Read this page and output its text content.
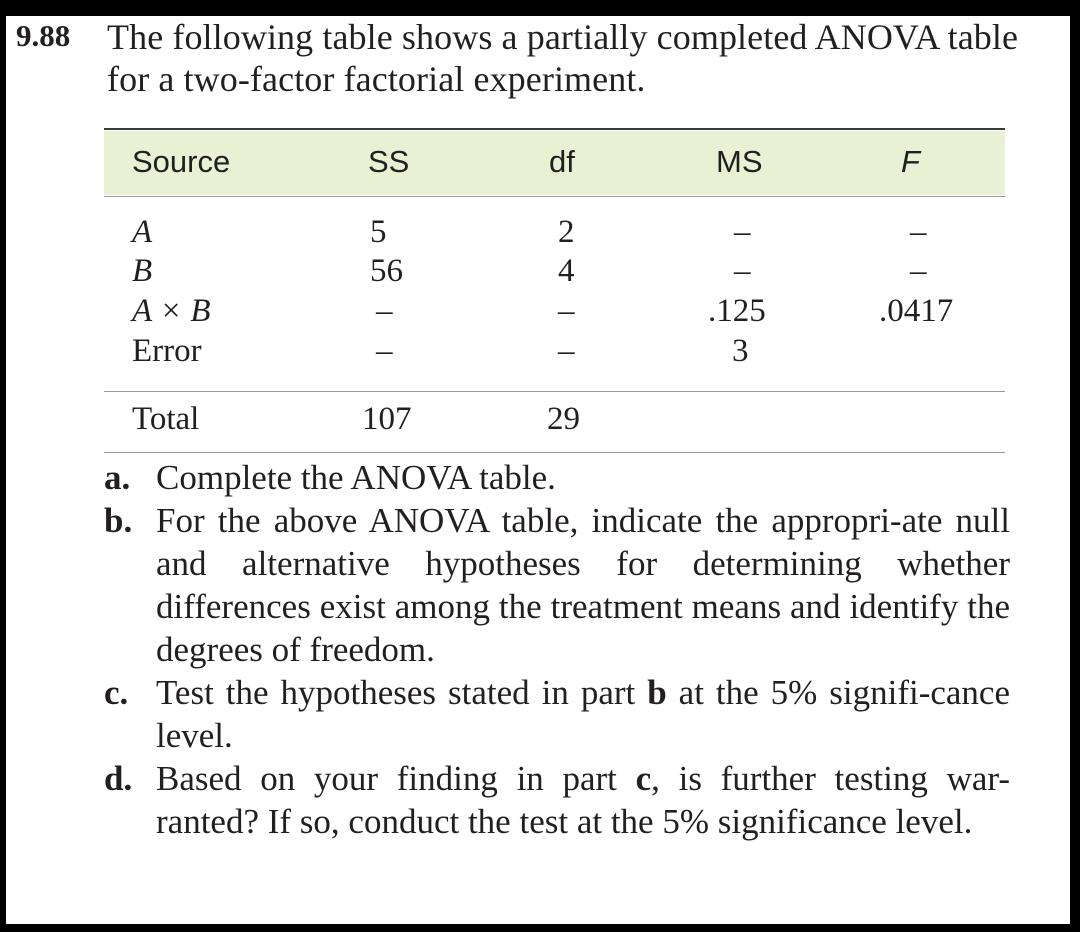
9.88 The following table shows a partially completed ANOVA table for a two-factor factorial experiment.
Source	SS	df	MS	F
A	5	2	–	–
B	56	4	–	–
A × B	–	–	.125	.0417
Error	–	–	3
Total	107	29
a. Complete the ANOVA table.
b. For the above ANOVA table, indicate the appropri-ate null and alternative hypotheses for determining whether differences exist among the treatment means and identify the degrees of freedom.
c. Test the hypotheses stated in part b at the 5% signifi-cance level.
d. Based on your finding in part c, is further testing war-ranted? If so, conduct the test at the 5% significance level.
